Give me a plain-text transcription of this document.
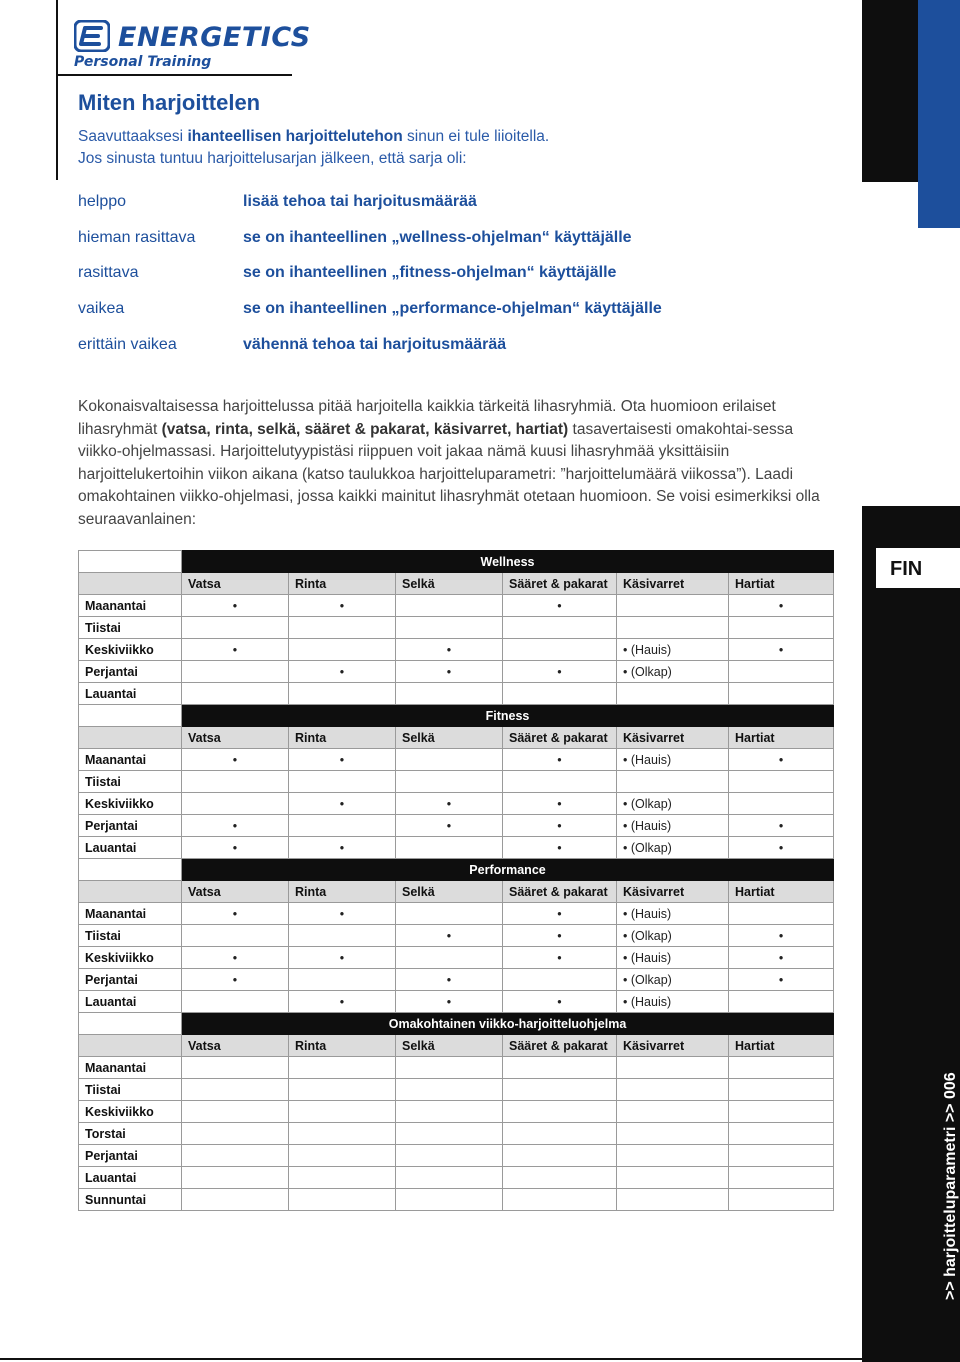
ENERGETICS
Personal Training
FIN
>> harjoitteluparametri >> 006
Miten harjoittelen
Saavuttaaksesi ihanteellisen harjoittelutehon sinun ei tule liioitella.
Jos sinusta tuntuu harjoittelusarjan jälkeen, että sarja oli:
helppo	lisää tehoa tai harjoitusmäärää
hieman rasittava	se on ihanteellinen „wellness-ohjelman“ käyttäjälle
rasittava	se on ihanteellinen „fitness-ohjelman“ käyttäjälle
vaikea	se on ihanteellinen „performance-ohjelman“ käyttäjälle
erittäin vaikea	vähennä tehoa tai harjoitusmäärää
Kokonaisvaltaisessa harjoittelussa pitää harjoitella kaikkia tärkeitä lihasryhmiä. Ota huomioon erilaiset lihasryhmät (vatsa, rinta, selkä, sääret & pakarat, käsivarret, hartiat) tasavertaisesti omakohtai-sessa viikko-ohjelmassasi. Harjoittelutyypistäsi riippuen voit jakaa nämä kuusi lihasryhmää yksittäisiin harjoittelukertoihin viikon aikana (katso taulukkoa harjoitteluparametri: ”harjoittelumäärä viikossa”). Laadi omakohtainen viikko-ohjelmasi, jossa kaikki mainitut lihasryhmät otetaan huomioon. Se voisi esimerkiksi olla seuraavanlainen:
	Wellness					
	Vatsa	Rinta	Selkä	Sääret & pakarat	Käsivarret	Hartiat
Maanantai	•	•		•		•
Tiistai						
Keskiviikko	•		•		• (Hauis)	•
Perjantai		•	•	•	• (Olkap)	
Lauantai						
	Fitness					
	Vatsa	Rinta	Selkä	Sääret & pakarat	Käsivarret	Hartiat
Maanantai	•	•		•	• (Hauis)	•
Tiistai						
Keskiviikko		•	•	•	• (Olkap)	
Perjantai	•		•	•	• (Hauis)	•
Lauantai	•	•		•	• (Olkap)	•
	Performance					
	Vatsa	Rinta	Selkä	Sääret & pakarat	Käsivarret	Hartiat
Maanantai	•	•		•	• (Hauis)	
Tiistai			•	•	• (Olkap)	•
Keskiviikko	•	•		•	• (Hauis)	•
Perjantai	•		•		• (Olkap)	•
Lauantai		•	•	•	• (Hauis)	
	Omakohtainen viikko-harjoitteluohjelma					
	Vatsa	Rinta	Selkä	Sääret & pakarat	Käsivarret	Hartiat
Maanantai						
Tiistai						
Keskiviikko						
Torstai						
Perjantai						
Lauantai						
Sunnuntai						
